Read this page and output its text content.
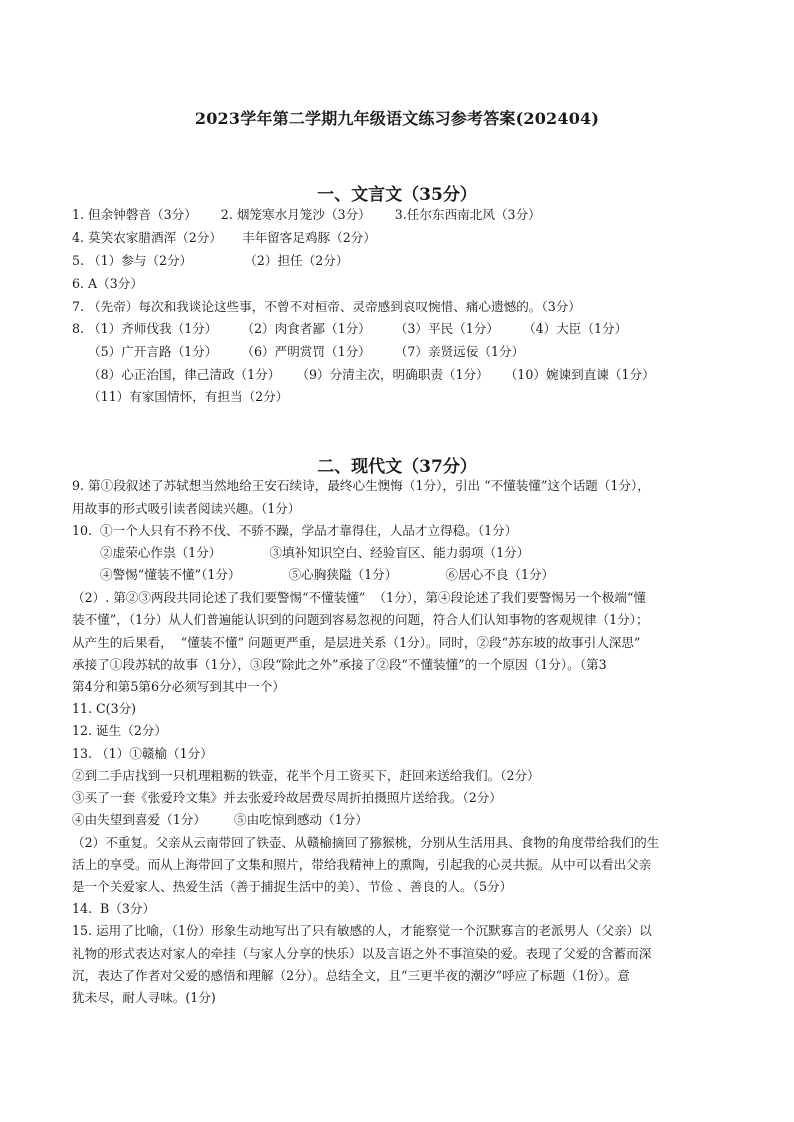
2023学年第二学期九年级语文练习参考答案(202404)
一、文言文（35分）
1. 但余钟磬音（3分）      2. 烟笼寒水月笼沙（3分）      3.任尔东西南北风（3分）
4. 莫笑农家腊酒浑（2分）     丰年留客足鸡豚（2分）
5. （1）参与（2分）             （2）担任（2分）
6. A（3分）
7. （先帝）每次和我谈论这些事，不曾不对桓帝、灵帝感到哀叹惋惜、痛心遗憾的。（3分）
8. （1）齐师伐我（1分）      （2）肉食者鄙（1分）      （3）平民（1分）      （4）大臣（1分）
（5）广开言路（1分）      （6）严明赏罚（1分）      （7）亲贤远佞（1分）
（8）心正治国，律己清政（1分）    （9）分清主次，明确职责（1分）    （10）婉谏到直谏（1分）
（11）有家国情怀，有担当（2分）
二、现代文（37分）
9. 第①段叙述了苏轼想当然地给王安石续诗，最终心生懊悔（1分），引出 “不懂装懂”这个话题（1分），
用故事的形式吸引读者阅读兴趣。（1分）
10.  ①一个人只有不矜不伐、不骄不躁，学品才靠得住，人品才立得稳。（1分）
②虚荣心作祟（1分）            ③填补知识空白、经验盲区、能力弱项（1分）
④警惕“懂装不懂”（1分）            ⑤心胸狭隘（1分）            ⑥居心不良（1分）
（2）. 第②③两段共同论述了我们要警惕“不懂装懂”  （1分），第④段论述了我们要警惕另一个极端“懂
装不懂”，（1分）从人们普遍能认识到的问题到容易忽视的问题，符合人们认知事物的客观规律（1分）；
从产生的后果看，  “懂装不懂” 问题更严重，是层进关系（1分）。同时，②段“苏东坡的故事引人深思”
承接了①段苏轼的故事（1分），③段“除此之外”承接了②段“不懂装懂”的一个原因（1分）。（第3
第4分和第5第6分必须写到其中一个）
11. C(3分)
12. 诞生（2分）
13. （1）①赣榆（1分）
②到二手店找到一只机理粗粝的铁壶，花半个月工资买下，赶回来送给我们。（2分）
③买了一套《张爱玲文集》并去张爱玲故居费尽周折拍摄照片送给我。（2分）
④由失望到喜爱（1分）       ⑤由吃惊到感动（1分）
（2）不重复。父亲从云南带回了铁壶、从赣榆摘回了猕猴桃，分别从生活用具、食物的角度带给我们的生
活上的享受。而从上海带回了文集和照片，带给我精神上的熏陶，引起我的心灵共振。从中可以看出父亲
是一个关爱家人、热爱生活（善于捕捉生活中的美）、节俭 、善良的人。（5分）
14.  B（3分）
15. 运用了比喻，（1份）形象生动地写出了只有敏感的人，才能察觉一个沉默寡言的老派男人（父亲）以
礼物的形式表达对家人的牵挂（与家人分享的快乐）以及言语之外不事渲染的爱。表现了父爱的含蓄而深
沉，表达了作者对父爱的感悟和理解（2分）。总结全文，且“三更半夜的潮汐”呼应了标题（1份）。意
犹未尽，耐人寻味。(1分)
